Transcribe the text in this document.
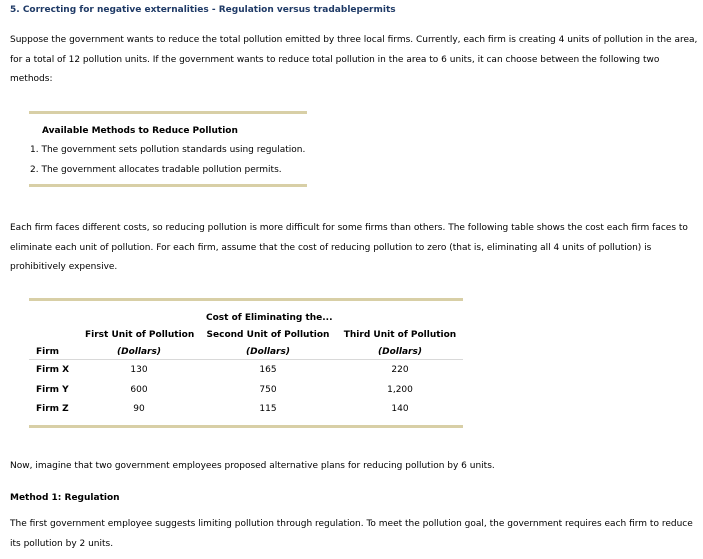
5. Correcting for negative externalities - Regulation versus tradablepermits
Suppose the government wants to reduce the total pollution emitted by three local firms. Currently, each firm is creating 4 units of pollution in the area, for a total of 12 pollution units. If the government wants to reduce total pollution in the area to 6 units, it can choose between the following two methods:
Available Methods to Reduce Pollution
1. The government sets pollution standards using regulation.
2. The government allocates tradable pollution permits.
Each firm faces different costs, so reducing pollution is more difficult for some firms than others. The following table shows the cost each firm faces to eliminate each unit of pollution. For each firm, assume that the cost of reducing pollution to zero (that is, eliminating all 4 units of pollution) is prohibitively expensive.
Cost of Eliminating the...
First Unit of Pollution Second Unit of Pollution Third Unit of Pollution
Firm	(Dollars)	(Dollars)	(Dollars)
Firm X	130	165	220
Firm Y	600	750	1,200
Firm Z	90	115	140
Now, imagine that two government employees proposed alternative plans for reducing pollution by 6 units.
Method 1: Regulation
The first government employee suggests limiting pollution through regulation. To meet the pollution goal, the government requires each firm to reduce its pollution by 2 units.
